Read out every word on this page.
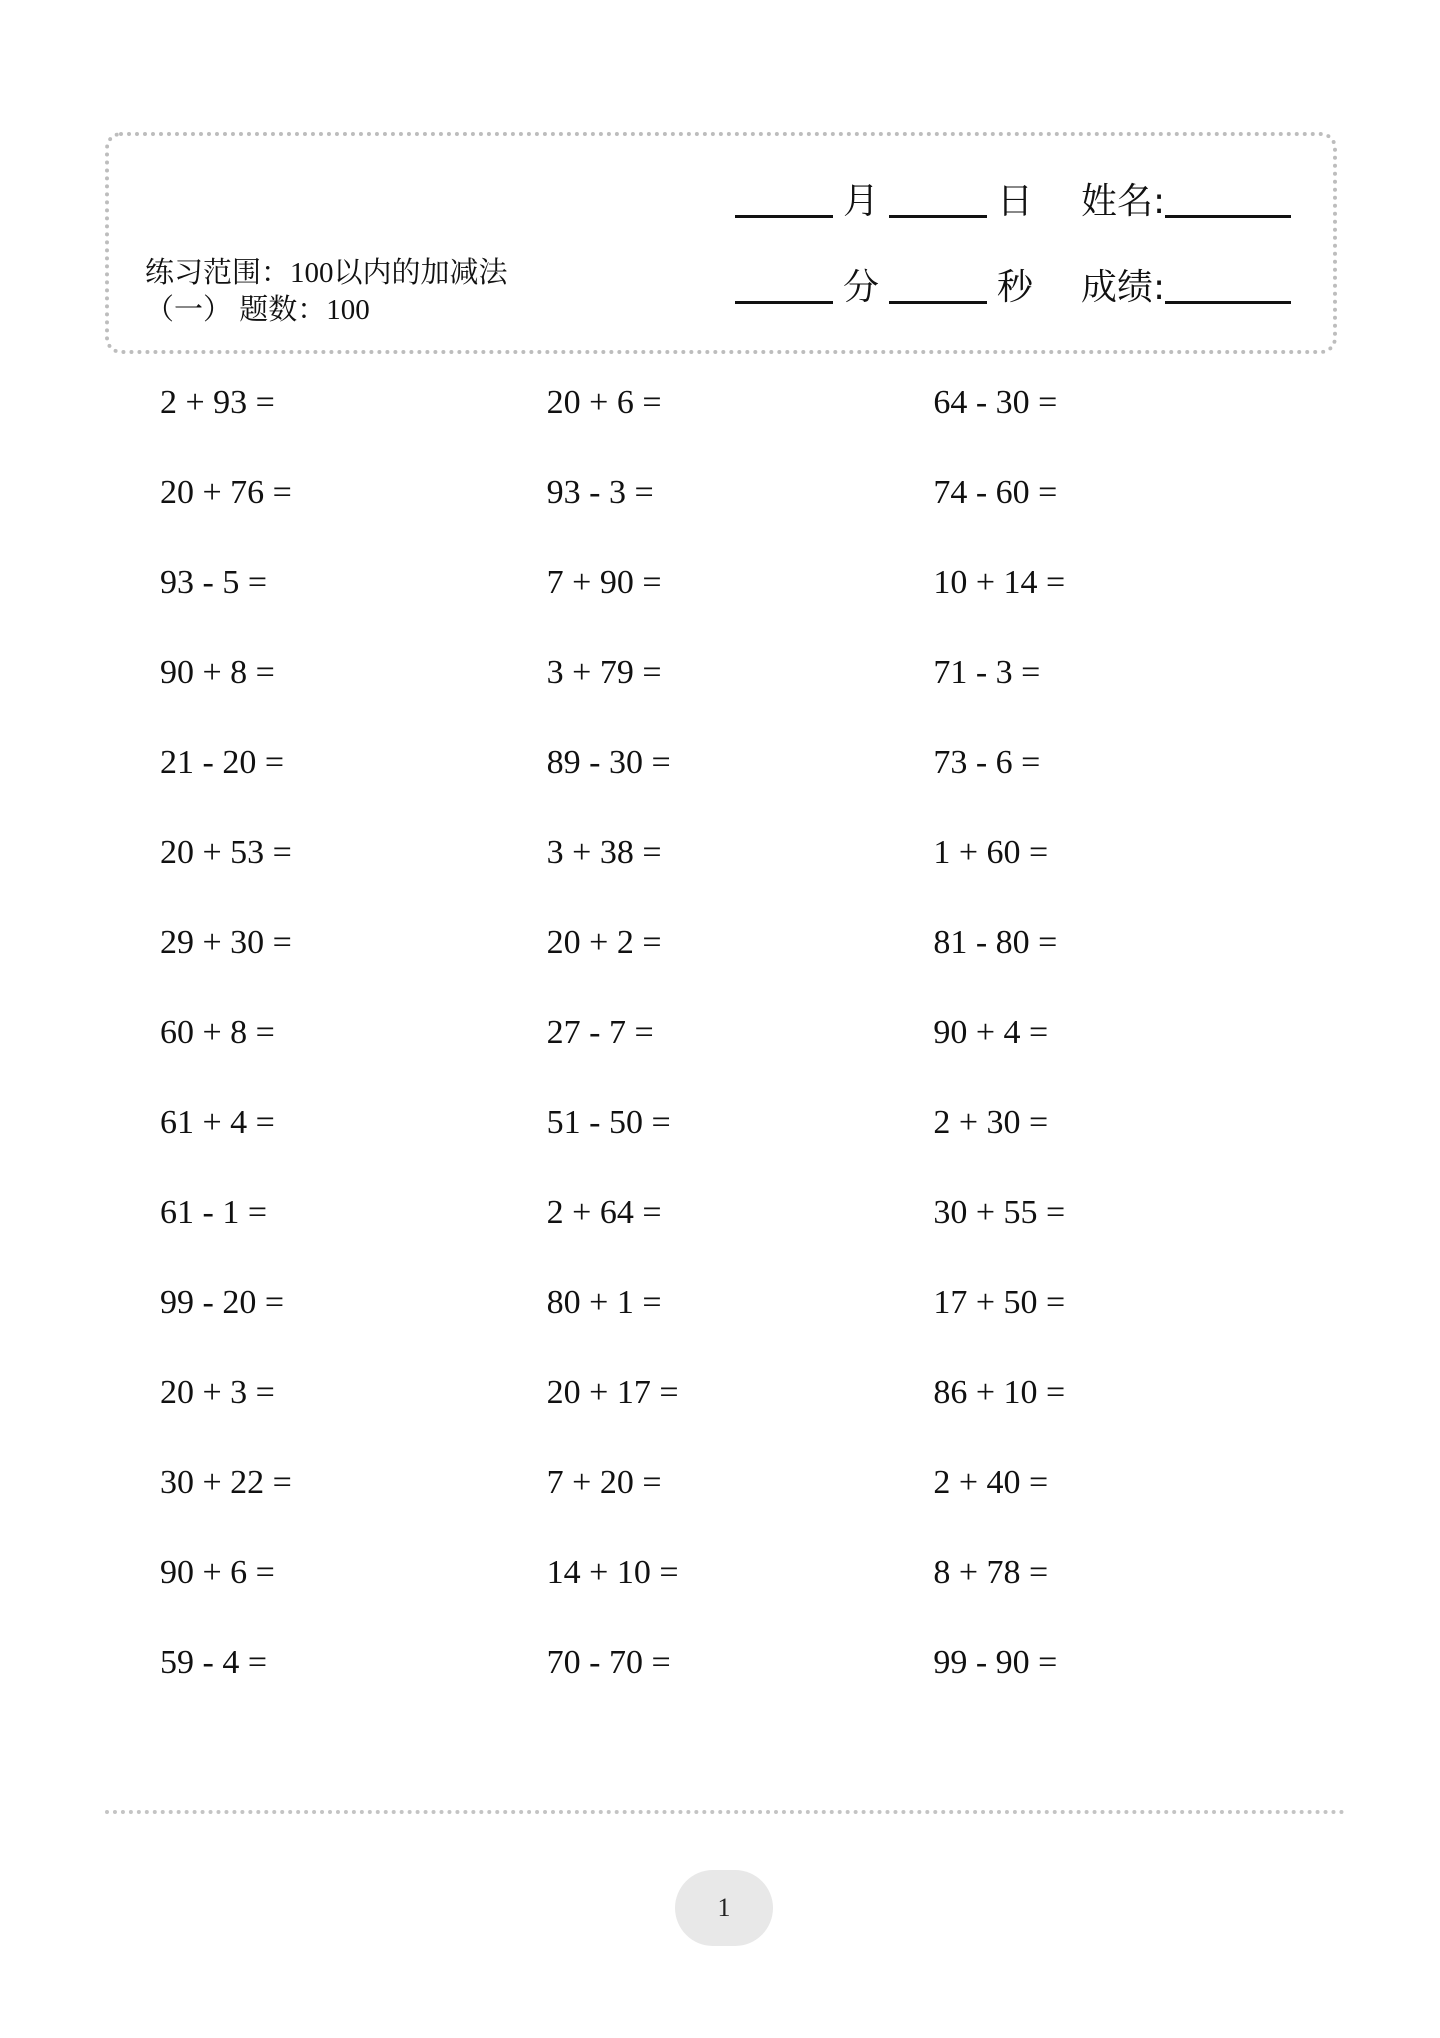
练习范围：100以内的加减法
（一） 题数：100
月	日 姓名:
分	秒 成绩:
2 + 93 =	20 + 6 =	64 - 30 =
20 + 76 =	93 - 3 =	74 - 60 =
93 - 5 =	7 + 90 =	10 + 14 =
90 + 8 =	3 + 79 =	71 - 3 =
21 - 20 =	89 - 30 =	73 - 6 =
20 + 53 =	3 + 38 =	1 + 60 =
29 + 30 =	20 + 2 =	81 - 80 =
60 + 8 =	27 - 7 =	90 + 4 =
61 + 4 =	51 - 50 =	2 + 30 =
61 - 1 =	2 + 64 =	30 + 55 =
99 - 20 =	80 + 1 =	17 + 50 =
20 + 3 =	20 + 17 =	86 + 10 =
30 + 22 =	7 + 20 =	2 + 40 =
90 + 6 =	14 + 10 =	8 + 78 =
59 - 4 =	70 - 70 =	99 - 90 =
1
